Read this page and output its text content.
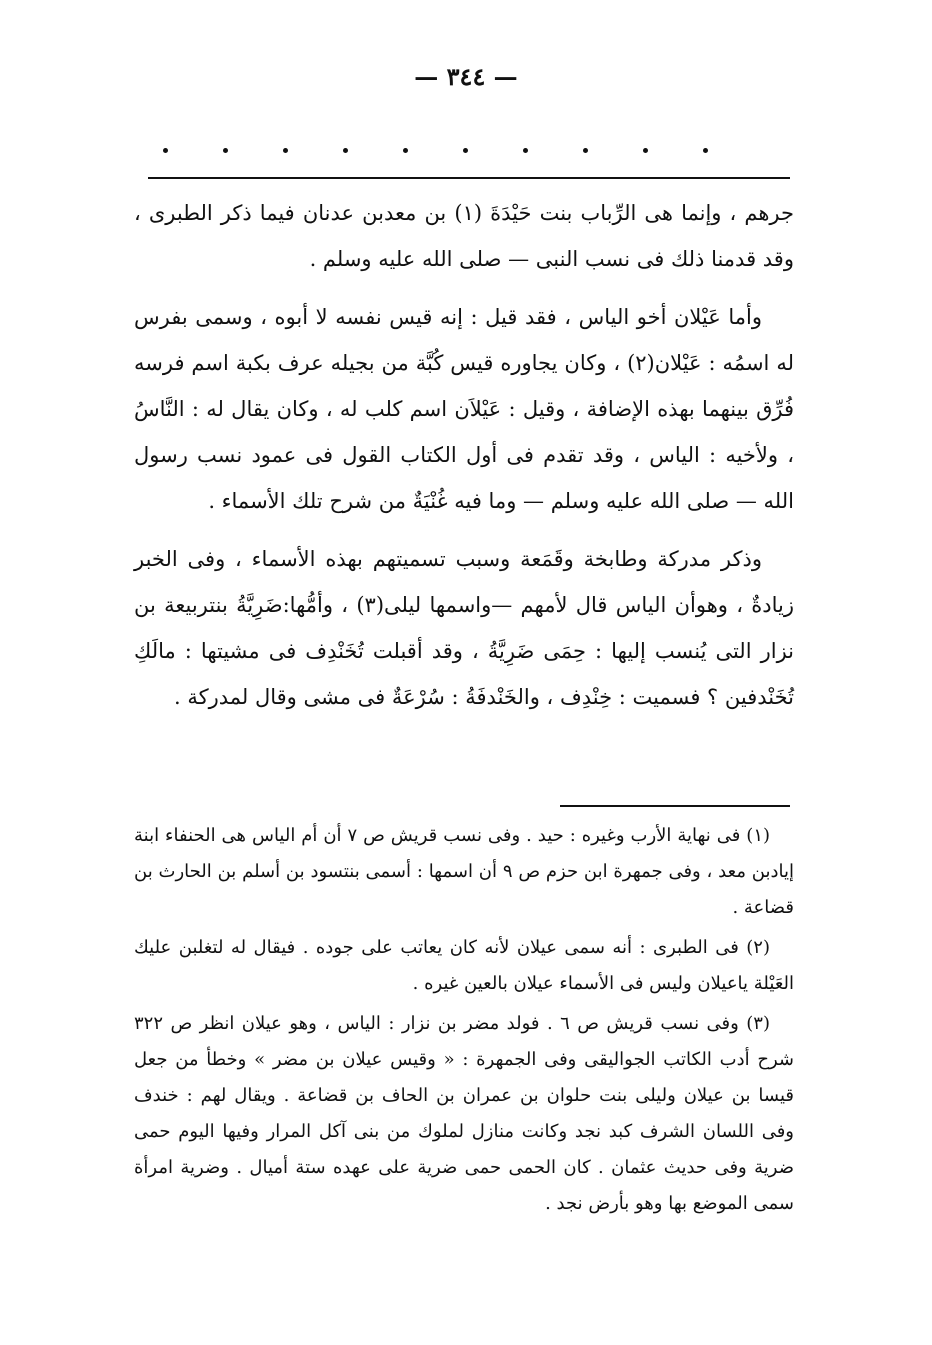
— ٣٤٤ —

جرهم ، وإنما هى الرِّباب بنت حَيْدَةَ (١) بن معدبن عدنان فيما ذكر الطبرى ، وقد قدمنا ذلك فى نسب النبى — صلى الله عليه وسلم .

وأما عَيْلان أخو الياس ، فقد قيل : إنه قيس نفسه لا أبوه ، وسمى بفرس له اسمُه : عَيْلان(٢) ، وكان يجاوره قيس كُبَّة من بجيله عرف بكبة اسم فرسه فُرِّق بينهما بهذه الإضافة ، وقيل : عَيْلاَن اسم كلب له ، وكان يقال له : النَّاسُ ، ولأخيه : الياس ، وقد تقدم فى أول الكتاب القول فى عمود نسب رسول الله — صلى الله عليه وسلم — وما فيه غُنْيَةٌ من شرح تلك الأسماء .

وذكر مدركة وطابخة وقَمَعة وسبب تسميتهم بهذه الأسماء ، وفى الخبر زيادةٌ ، وهوأن الياس قال لأمهم —واسمها ليلى(٣) ، وأمُّها:ضَرِيَّةُ بنتربيعة بن نزار التى يُنسب إليها : حِمَى ضَرِيَّةُ ، وقد أقبلت تُخَنْدِف فى مشيتها : مالَكِ تُخَنْدفين ؟ فسميت : خِنْدِف ، والخَنْدفَةُ : سُرْعَةٌ فى مشى وقال لمدركة .

(١) فى نهاية الأرب وغيره : حيد . وفى نسب قريش ص ٧ أن أم الياس هى الحنفاء ابنة إيادبن معد ، وفى جمهرة ابن حزم ص ٩ أن اسمها : أسمى بنتسود بن أسلم بن الحارث بن قضاعة .

(٢) فى الطبرى : أنه سمى عيلان لأنه كان يعاتب على جوده . فيقال له لتغلبن عليك العَيْلة ياعيلان وليس فى الأسماء عيلان بالعين غيره .

(٣) وفى نسب قريش ص ٦ . فولد مضر بن نزار : الياس ، وهو عيلان انظر ص ٣٢٢ شرح أدب الكاتب الجواليقى وفى الجمهرة : « وقيس عيلان بن مضر » وخطأ من جعل قيسا بن عيلان وليلى بنت حلوان بن عمران بن الحاف بن قضاعة . ويقال لهم : خندف وفى اللسان الشرف كبد نجد وكانت منازل لملوك من بنى آكل المرار وفيها اليوم حمى ضرية وفى حديث عثمان . كان الحمى حمى ضرية على عهده ستة أميال . وضرية امرأة سمى الموضع بها وهو بأرض نجد .
